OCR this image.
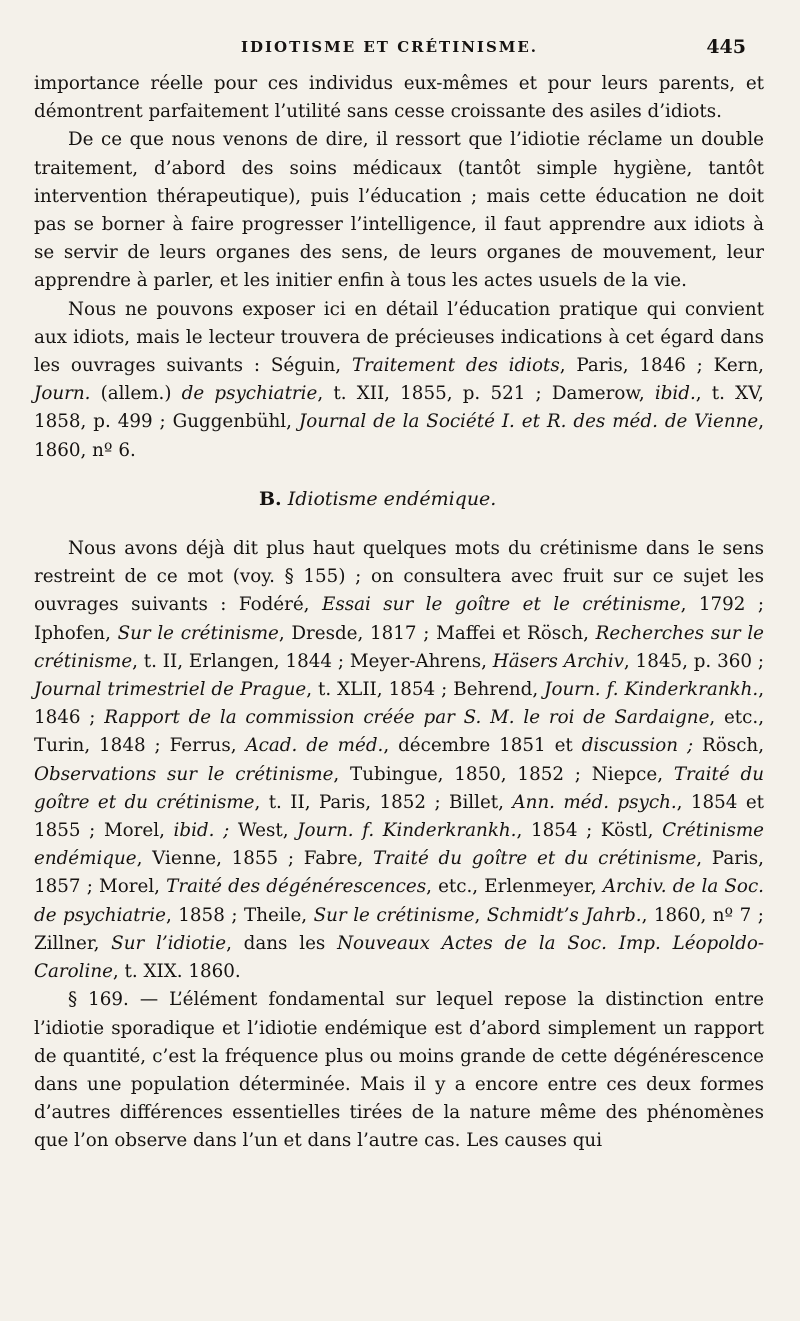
IDIOTISME ET CRÉTINISME.	445

importance réelle pour ces individus eux-mêmes et pour leurs parents, et démontrent parfaitement l’utilité sans cesse croissante des asiles d’idiots.

De ce que nous venons de dire, il ressort que l’idiotie réclame un double traitement, d’abord des soins médicaux (tantôt simple hygiène, tantôt intervention thérapeutique), puis l’éducation ; mais cette éducation ne doit pas se borner à faire progresser l’intelligence, il faut apprendre aux idiots à se servir de leurs organes des sens, de leurs organes de mouvement, leur apprendre à parler, et les initier enfin à tous les actes usuels de la vie.

Nous ne pouvons exposer ici en détail l’éducation pratique qui convient aux idiots, mais le lecteur trouvera de précieuses indications à cet égard dans les ouvrages suivants : Séguin, Traitement des idiots, Paris, 1846 ; Kern, Journ. (allem.) de psychiatrie, t. XII, 1855, p. 521 ; Damerow, ibid., t. XV, 1858, p. 499 ; Guggenbühl, Journal de la Société I. et R. des méd. de Vienne, 1860, nº 6.

B. Idiotisme endémique.

Nous avons déjà dit plus haut quelques mots du crétinisme dans le sens restreint de ce mot (voy. § 155) ; on consultera avec fruit sur ce sujet les ouvrages suivants : Fodéré, Essai sur le goître et le crétinisme, 1792 ; Iphofen, Sur le crétinisme, Dresde, 1817 ; Maffei et Rösch, Recherches sur le crétinisme, t. II, Erlangen, 1844 ; Meyer-Ahrens, Häsers Archiv, 1845, p. 360 ; Journal trimestriel de Prague, t. XLII, 1854 ; Behrend, Journ. f. Kinderkrankh., 1846 ; Rapport de la commission créée par S. M. le roi de Sardaigne, etc., Turin, 1848 ; Ferrus, Acad. de méd., décembre 1851 et discussion ; Rösch, Observations sur le crétinisme, Tubingue, 1850, 1852 ; Niepce, Traité du goître et du crétinisme, t. II, Paris, 1852 ; Billet, Ann. méd. psych., 1854 et 1855 ; Morel, ibid. ; West, Journ. f. Kinderkrankh., 1854 ; Köstl, Crétinisme endémique, Vienne, 1855 ; Fabre, Traité du goître et du crétinisme, Paris, 1857 ; Morel, Traité des dégénérescences, etc., Erlenmeyer, Archiv. de la Soc. de psychiatrie, 1858 ; Theile, Sur le crétinisme, Schmidt’s Jahrb., 1860, nº 7 ; Zillner, Sur l’idiotie, dans les Nouveaux Actes de la Soc. Imp. Léopoldo-Caroline, t. XIX. 1860.

§ 169. — L’élément fondamental sur lequel repose la distinction entre l’idiotie sporadique et l’idiotie endémique est d’abord simplement un rapport de quantité, c’est la fréquence plus ou moins grande de cette dégénérescence dans une population déterminée. Mais il y a encore entre ces deux formes d’autres différences essentielles tirées de la nature même des phénomènes que l’on observe dans l’un et dans l’autre cas. Les causes qui
